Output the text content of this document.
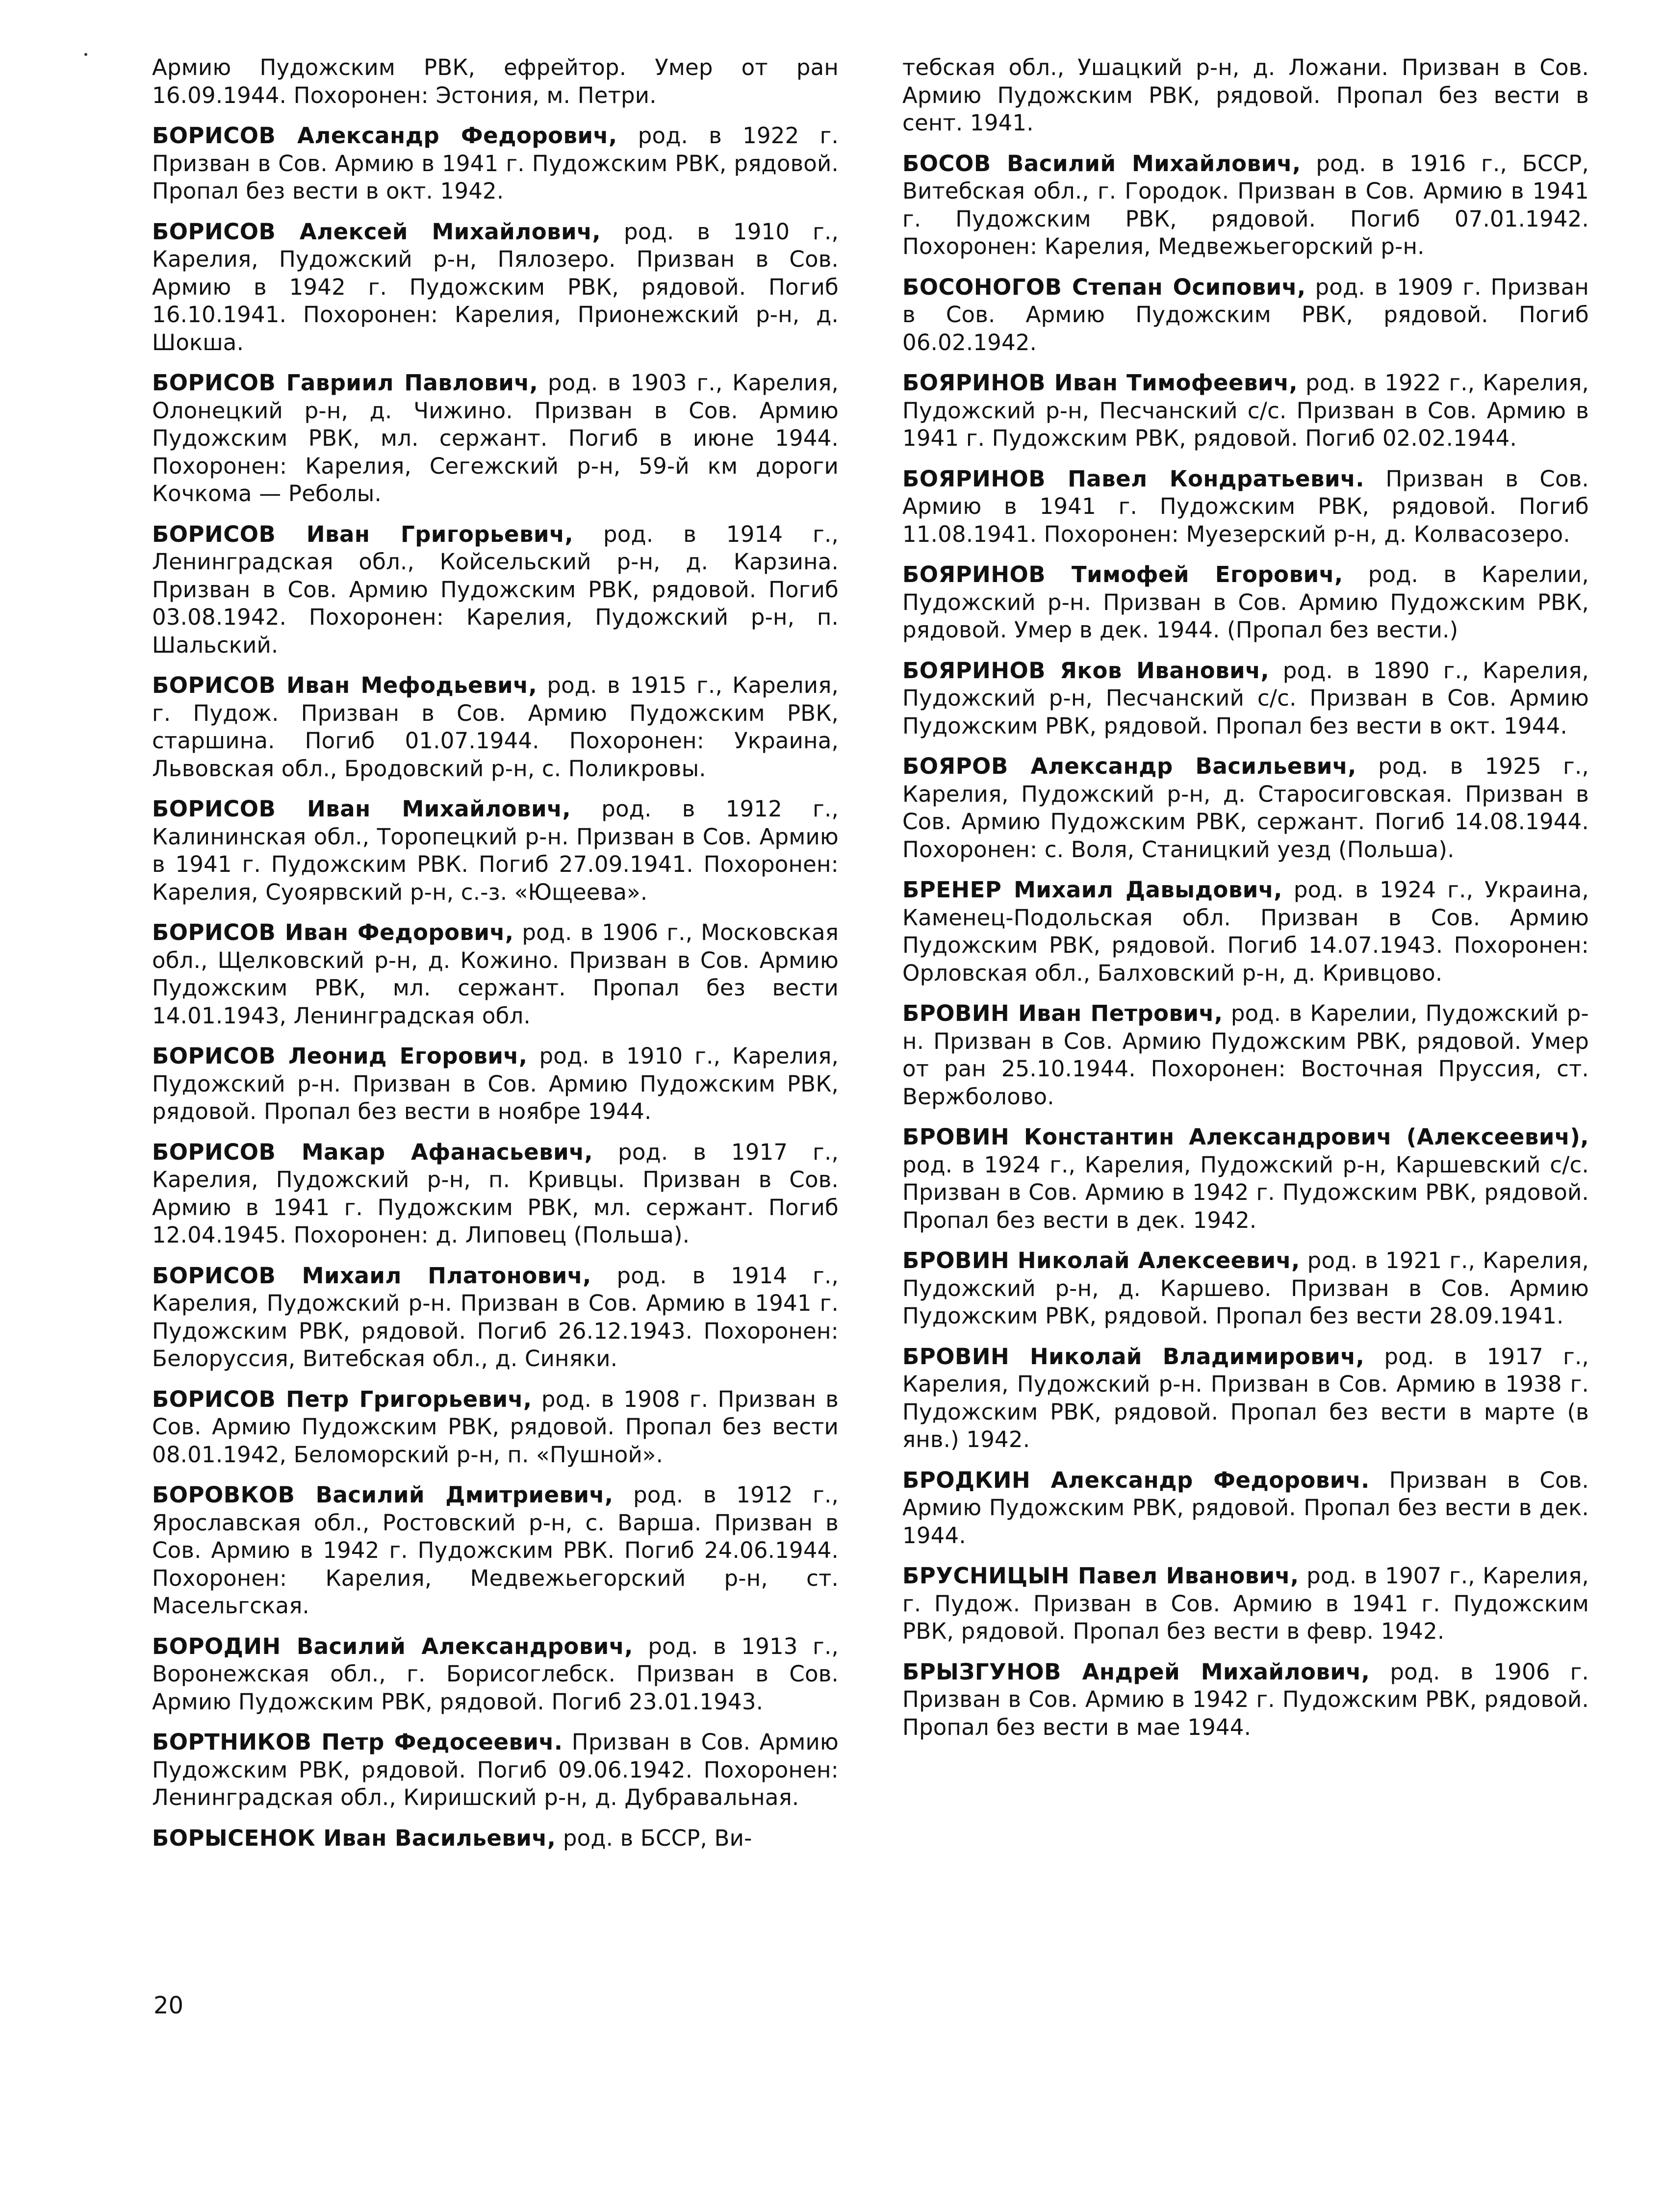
Армию Пудожским РВК, ефрейтор. Умер от ран 16.09.1944. Похоронен: Эстония, м. Петри.

БОРИСОВ Александр Федорович, род. в 1922 г. Призван в Сов. Армию в 1941 г. Пудожским РВК, рядовой. Пропал без вести в окт. 1942.

БОРИСОВ Алексей Михайлович, род. в 1910 г., Карелия, Пудожский р-н, Пялозеро. Призван в Сов. Армию в 1942 г. Пудожским РВК, рядовой. Погиб 16.10.1941. Похоронен: Карелия, Прионежский р-н, д. Шокша.

БОРИСОВ Гавриил Павлович, род. в 1903 г., Карелия, Олонецкий р-н, д. Чижино. Призван в Сов. Армию Пудожским РВК, мл. сержант. Погиб в июне 1944. Похоронен: Карелия, Сегежский р-н, 59-й км дороги Кочкома — Реболы.

БОРИСОВ Иван Григорьевич, род. в 1914 г., Ленинградская обл., Койсельский р-н, д. Карзина. Призван в Сов. Армию Пудожским РВК, рядовой. Погиб 03.08.1942. Похоронен: Карелия, Пудожский р-н, п. Шальский.

БОРИСОВ Иван Мефодьевич, род. в 1915 г., Карелия, г. Пудож. Призван в Сов. Армию Пудожским РВК, старшина. Погиб 01.07.1944. Похоронен: Украина, Львовская обл., Бродовский р-н, с. Поликровы.

БОРИСОВ Иван Михайлович, род. в 1912 г., Калининская обл., Торопецкий р-н. Призван в Сов. Армию в 1941 г. Пудожским РВК. Погиб 27.09.1941. Похоронен: Карелия, Суоярвский р-н, с.-з. «Ющеева».

БОРИСОВ Иван Федорович, род. в 1906 г., Московская обл., Щелковский р-н, д. Кожино. Призван в Сов. Армию Пудожским РВК, мл. сержант. Пропал без вести 14.01.1943, Ленинградская обл.

БОРИСОВ Леонид Егорович, род. в 1910 г., Карелия, Пудожский р-н. Призван в Сов. Армию Пудожским РВК, рядовой. Пропал без вести в ноябре 1944.

БОРИСОВ Макар Афанасьевич, род. в 1917 г., Карелия, Пудожский р-н, п. Кривцы. Призван в Сов. Армию в 1941 г. Пудожским РВК, мл. сержант. Погиб 12.04.1945. Похоронен: д. Липовец (Польша).

БОРИСОВ Михаил Платонович, род. в 1914 г., Карелия, Пудожский р-н. Призван в Сов. Армию в 1941 г. Пудожским РВК, рядовой. Погиб 26.12.1943. Похоронен: Белоруссия, Витебская обл., д. Синяки.

БОРИСОВ Петр Григорьевич, род. в 1908 г. Призван в Сов. Армию Пудожским РВК, рядовой. Пропал без вести 08.01.1942, Беломорский р-н, п. «Пушной».

БОРОВКОВ Василий Дмитриевич, род. в 1912 г., Ярославская обл., Ростовский р-н, с. Варша. Призван в Сов. Армию в 1942 г. Пудожским РВК. Погиб 24.06.1944. Похоронен: Карелия, Медвежьегорский р-н, ст. Масельгская.

БОРОДИН Василий Александрович, род. в 1913 г., Воронежская обл., г. Борисоглебск. Призван в Сов. Армию Пудожским РВК, рядовой. Погиб 23.01.1943.

БОРТНИКОВ Петр Федосеевич. Призван в Сов. Армию Пудожским РВК, рядовой. Погиб 09.06.1942. Похоронен: Ленинградская обл., Киришский р-н, д. Дубравальная.

БОРЫСЕНОК Иван Васильевич, род. в БССР, Ви-

тебская обл., Ушацкий р-н, д. Ложани. Призван в Сов. Армию Пудожским РВК, рядовой. Пропал без вести в сент. 1941.

БОСОВ Василий Михайлович, род. в 1916 г., БССР, Витебская обл., г. Городок. Призван в Сов. Армию в 1941 г. Пудожским РВК, рядовой. Погиб 07.01.1942. Похоронен: Карелия, Медвежьегорский р-н.

БОСОНОГОВ Степан Осипович, род. в 1909 г. Призван в Сов. Армию Пудожским РВК, рядовой. Погиб 06.02.1942.

БОЯРИНОВ Иван Тимофеевич, род. в 1922 г., Карелия, Пудожский р-н, Песчанский с/с. Призван в Сов. Армию в 1941 г. Пудожским РВК, рядовой. Погиб 02.02.1944.

БОЯРИНОВ Павел Кондратьевич. Призван в Сов. Армию в 1941 г. Пудожским РВК, рядовой. Погиб 11.08.1941. Похоронен: Муезерский р-н, д. Колвасозеро.

БОЯРИНОВ Тимофей Егорович, род. в Карелии, Пудожский р-н. Призван в Сов. Армию Пудожским РВК, рядовой. Умер в дек. 1944. (Пропал без вести.)

БОЯРИНОВ Яков Иванович, род. в 1890 г., Карелия, Пудожский р-н, Песчанский с/с. Призван в Сов. Армию Пудожским РВК, рядовой. Пропал без вести в окт. 1944.

БОЯРОВ Александр Васильевич, род. в 1925 г., Карелия, Пудожский р-н, д. Старосиговская. Призван в Сов. Армию Пудожским РВК, сержант. Погиб 14.08.1944. Похоронен: с. Воля, Станицкий уезд (Польша).

БРЕНЕР Михаил Давыдович, род. в 1924 г., Украина, Каменец-Подольская обл. Призван в Сов. Армию Пудожским РВК, рядовой. Погиб 14.07.1943. Похоронен: Орловская обл., Балховский р-н, д. Кривцово.

БРОВИН Иван Петрович, род. в Карелии, Пудожский р-н. Призван в Сов. Армию Пудожским РВК, рядовой. Умер от ран 25.10.1944. Похоронен: Восточная Пруссия, ст. Вержболово.

БРОВИН Константин Александрович (Алексеевич), род. в 1924 г., Карелия, Пудожский р-н, Каршевский с/с. Призван в Сов. Армию в 1942 г. Пудожским РВК, рядовой. Пропал без вести в дек. 1942.

БРОВИН Николай Алексеевич, род. в 1921 г., Карелия, Пудожский р-н, д. Каршево. Призван в Сов. Армию Пудожским РВК, рядовой. Пропал без вести 28.09.1941.

БРОВИН Николай Владимирович, род. в 1917 г., Карелия, Пудожский р-н. Призван в Сов. Армию в 1938 г. Пудожским РВК, рядовой. Пропал без вести в марте (в янв.) 1942.

БРОДКИН Александр Федорович. Призван в Сов. Армию Пудожским РВК, рядовой. Пропал без вести в дек. 1944.

БРУСНИЦЫН Павел Иванович, род. в 1907 г., Карелия, г. Пудож. Призван в Сов. Армию в 1941 г. Пудожским РВК, рядовой. Пропал без вести в февр. 1942.

БРЫЗГУНОВ Андрей Михайлович, род. в 1906 г. Призван в Сов. Армию в 1942 г. Пудожским РВК, рядовой. Пропал без вести в мае 1944.

20
